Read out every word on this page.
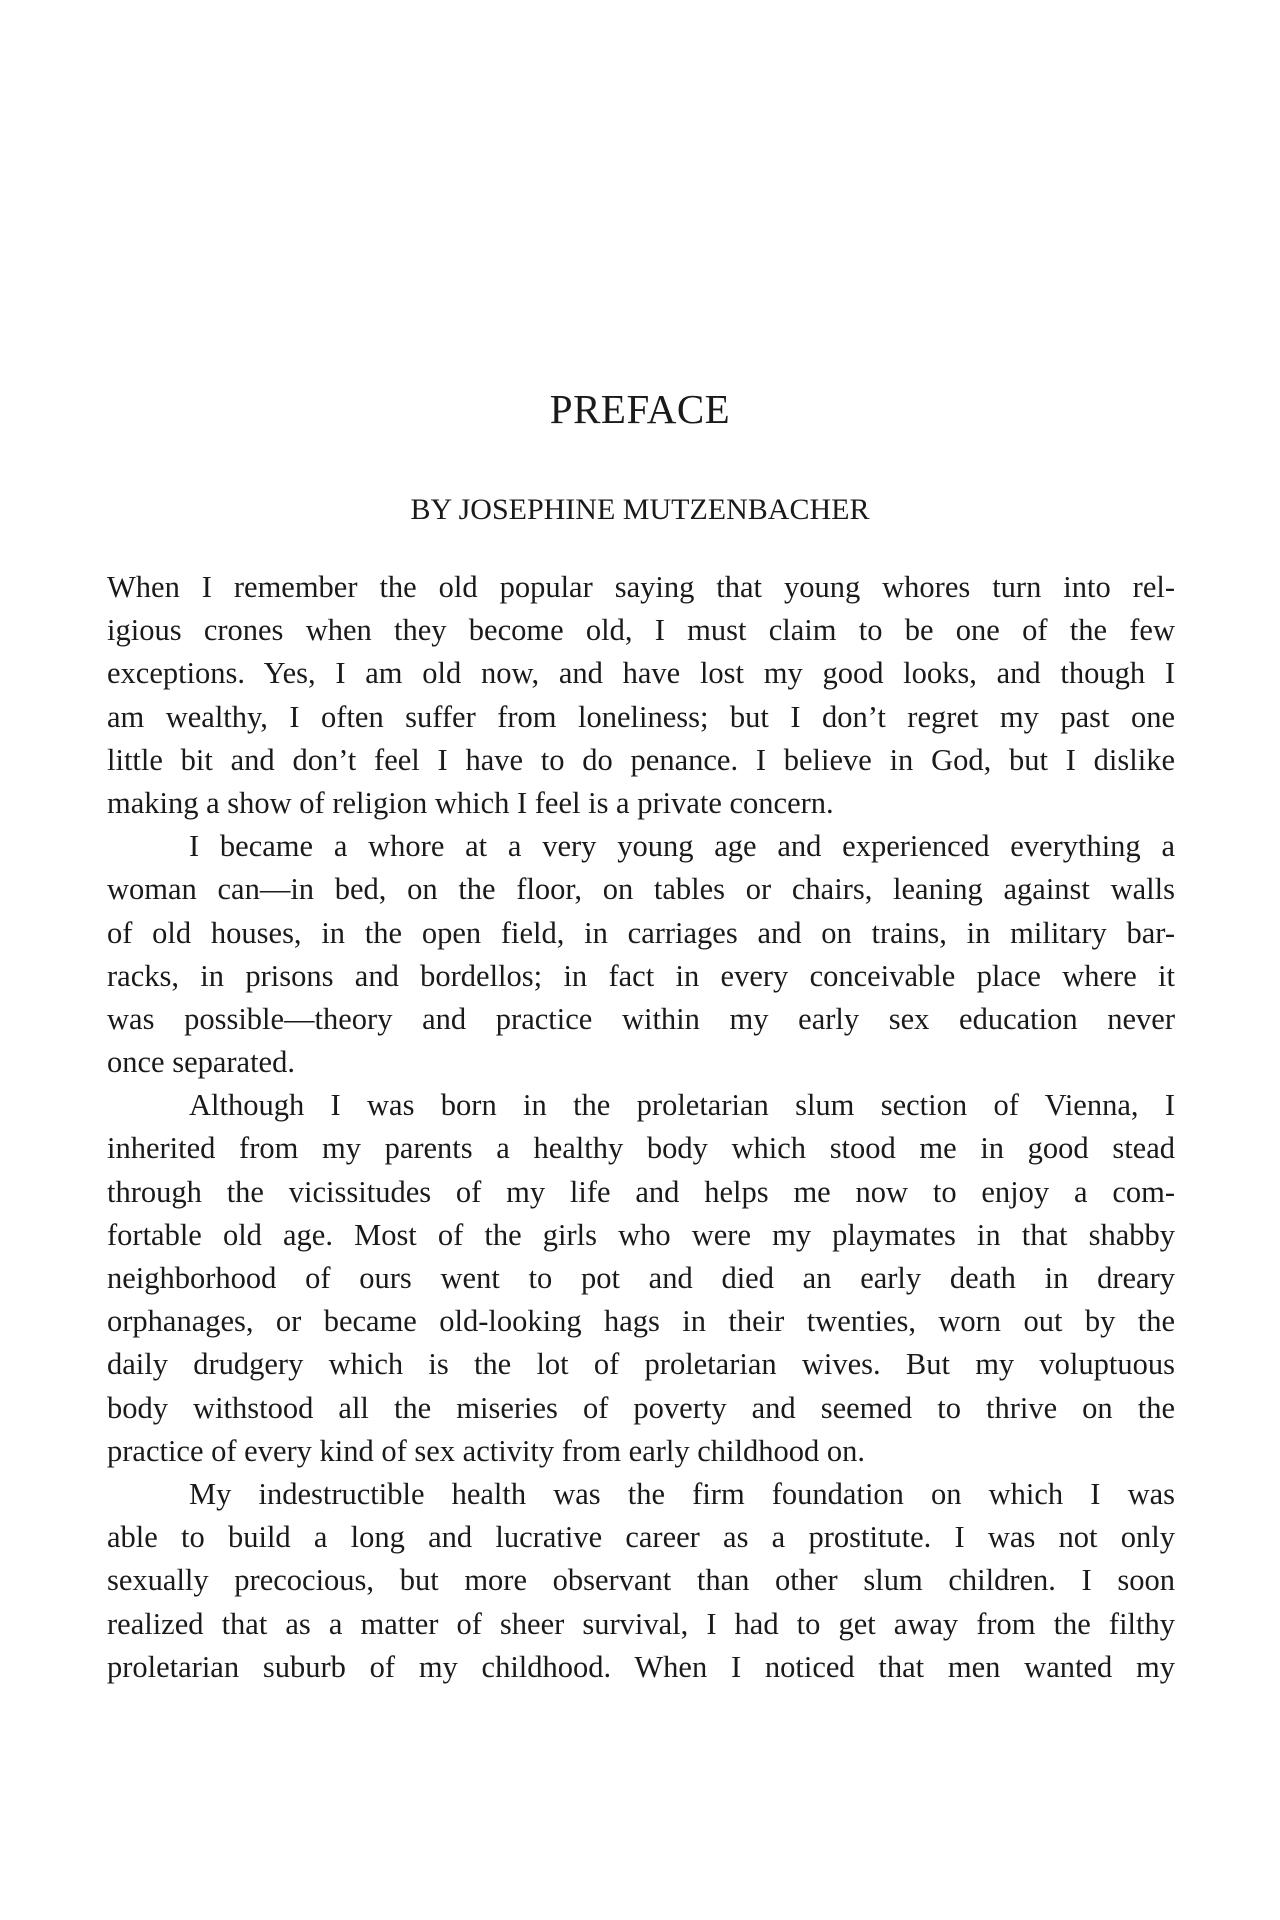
PREFACE
BY JOSEPHINE MUTZENBACHER
When I remember the old popular saying that young whores turn into rel-
igious crones when they become old, I must claim to be one of the few
exceptions. Yes, I am old now, and have lost my good looks, and though I
am wealthy, I often suffer from loneliness; but I don’t regret my past one
little bit and don’t feel I have to do penance. I believe in God, but I dislike
making a show of religion which I feel is a private concern.
I became a whore at a very young age and experienced everything a
woman can—in bed, on the floor, on tables or chairs, leaning against walls
of old houses, in the open field, in carriages and on trains, in military bar-
racks, in prisons and bordellos; in fact in every conceivable place where it
was possible—theory and practice within my early sex education never
once separated.
Although I was born in the proletarian slum section of Vienna, I
inherited from my parents a healthy body which stood me in good stead
through the vicissitudes of my life and helps me now to enjoy a com-
fortable old age. Most of the girls who were my playmates in that shabby
neighborhood of ours went to pot and died an early death in dreary
orphanages, or became old-looking hags in their twenties, worn out by the
daily drudgery which is the lot of proletarian wives. But my voluptuous
body withstood all the miseries of poverty and seemed to thrive on the
practice of every kind of sex activity from early childhood on.
My indestructible health was the firm foundation on which I was
able to build a long and lucrative career as a prostitute. I was not only
sexually precocious, but more observant than other slum children. I soon
realized that as a matter of sheer survival, I had to get away from the filthy
proletarian suburb of my childhood. When I noticed that men wanted my
